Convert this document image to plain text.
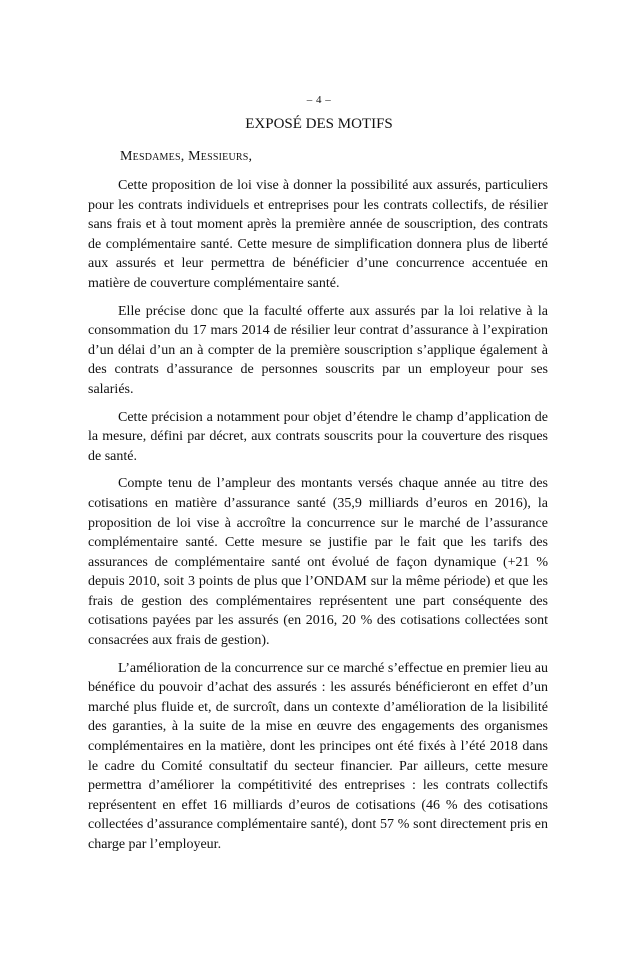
– 4 –
EXPOSÉ DES MOTIFS
Mesdames, Messieurs,

Cette proposition de loi vise à donner la possibilité aux assurés, particuliers pour les contrats individuels et entreprises pour les contrats collectifs, de résilier sans frais et à tout moment après la première année de souscription, des contrats de complémentaire santé. Cette mesure de simplification donnera plus de liberté aux assurés et leur permettra de bénéficier d’une concurrence accentuée en matière de couverture complémentaire santé.

Elle précise donc que la faculté offerte aux assurés par la loi relative à la consommation du 17 mars 2014 de résilier leur contrat d’assurance à l’expiration d’un délai d’un an à compter de la première souscription s’applique également à des contrats d’assurance de personnes souscrits par un employeur pour ses salariés.

Cette précision a notamment pour objet d’étendre le champ d’application de la mesure, défini par décret, aux contrats souscrits pour la couverture des risques de santé.

Compte tenu de l’ampleur des montants versés chaque année au titre des cotisations en matière d’assurance santé (35,9 milliards d’euros en 2016), la proposition de loi vise à accroître la concurrence sur le marché de l’assurance complémentaire santé. Cette mesure se justifie par le fait que les tarifs des assurances de complémentaire santé ont évolué de façon dynamique (+21 % depuis 2010, soit 3 points de plus que l’ONDAM sur la même période) et que les frais de gestion des complémentaires représentent une part conséquente des cotisations payées par les assurés (en 2016, 20 % des cotisations collectées sont consacrées aux frais de gestion).

L’amélioration de la concurrence sur ce marché s’effectue en premier lieu au bénéfice du pouvoir d’achat des assurés : les assurés bénéficieront en effet d’un marché plus fluide et, de surcroît, dans un contexte d’amélioration de la lisibilité des garanties, à la suite de la mise en œuvre des engagements des organismes complémentaires en la matière, dont les principes ont été fixés à l’été 2018 dans le cadre du Comité consultatif du secteur financier. Par ailleurs, cette mesure permettra d’améliorer la compétitivité des entreprises : les contrats collectifs représentent en effet 16 milliards d’euros de cotisations (46 % des cotisations collectées d’assurance complémentaire santé), dont 57 % sont directement pris en charge par l’employeur.
